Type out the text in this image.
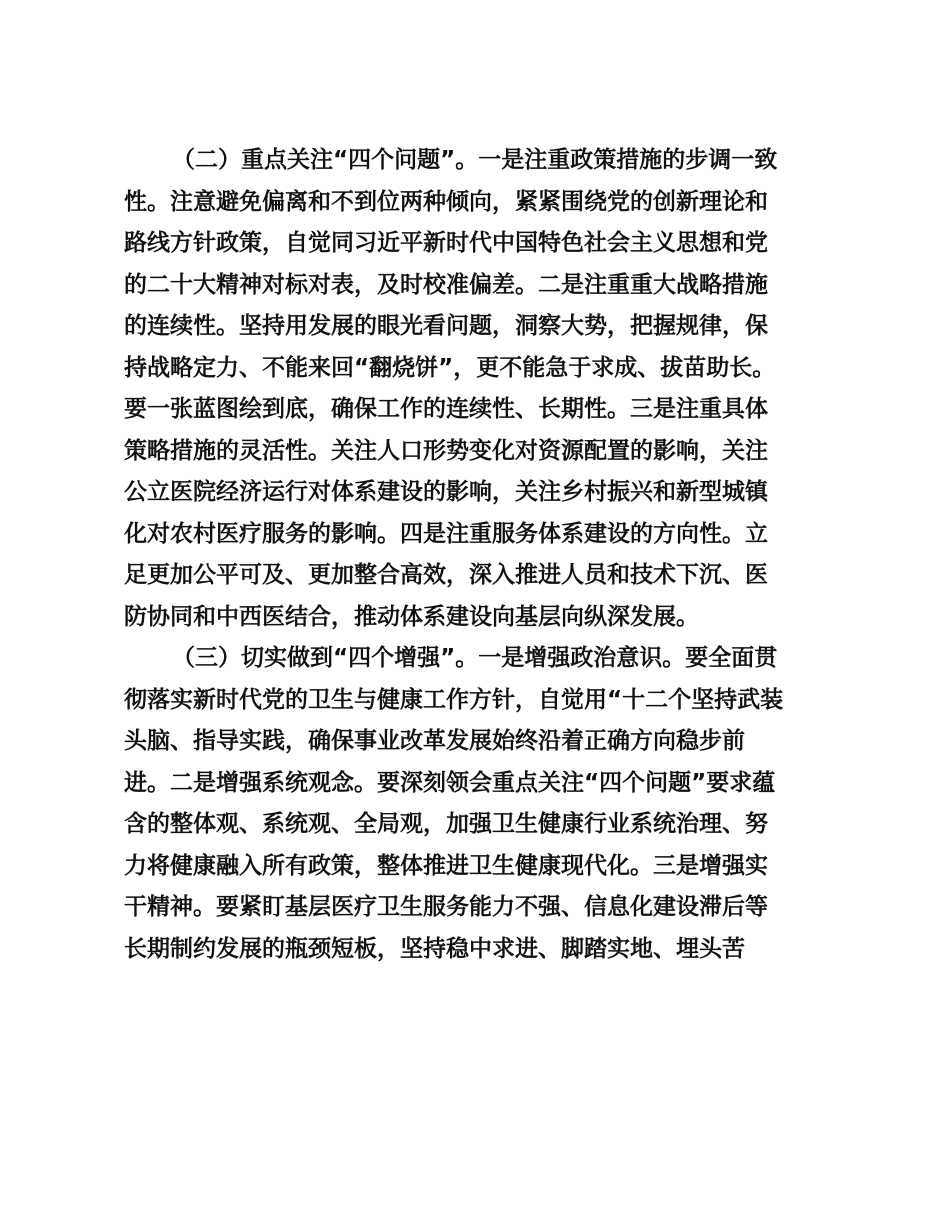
（二）重点关注“四个问题”。一是注重政策措施的步调一致
性。注意避免偏离和不到位两种倾向，紧紧围绕党的创新理论和
路线方针政策，自觉同习近平新时代中国特色社会主义思想和党
的二十大精神对标对表，及时校准偏差。二是注重重大战略措施
的连续性。坚持用发展的眼光看问题，洞察大势，把握规律，保
持战略定力、不能来回“翻烧饼”，更不能急于求成、拔苗助长。
要一张蓝图绘到底，确保工作的连续性、长期性。三是注重具体
策略措施的灵活性。关注人口形势变化对资源配置的影响，关注
公立医院经济运行对体系建设的影响，关注乡村振兴和新型城镇
化对农村医疗服务的影响。四是注重服务体系建设的方向性。立
足更加公平可及、更加整合高效，深入推进人员和技术下沉、医
防协同和中西医结合，推动体系建设向基层向纵深发展。
（三）切实做到“四个增强”。一是增强政治意识。要全面贯
彻落实新时代党的卫生与健康工作方针，自觉用“十二个坚持武装
头脑、指导实践，确保事业改革发展始终沿着正确方向稳步前
进。二是增强系统观念。要深刻领会重点关注“四个问题”要求蕴
含的整体观、系统观、全局观，加强卫生健康行业系统治理、努
力将健康融入所有政策，整体推进卫生健康现代化。三是增强实
干精神。要紧盯基层医疗卫生服务能力不强、信息化建设滞后等
长期制约发展的瓶颈短板，坚持稳中求进、脚踏实地、埋头苦
